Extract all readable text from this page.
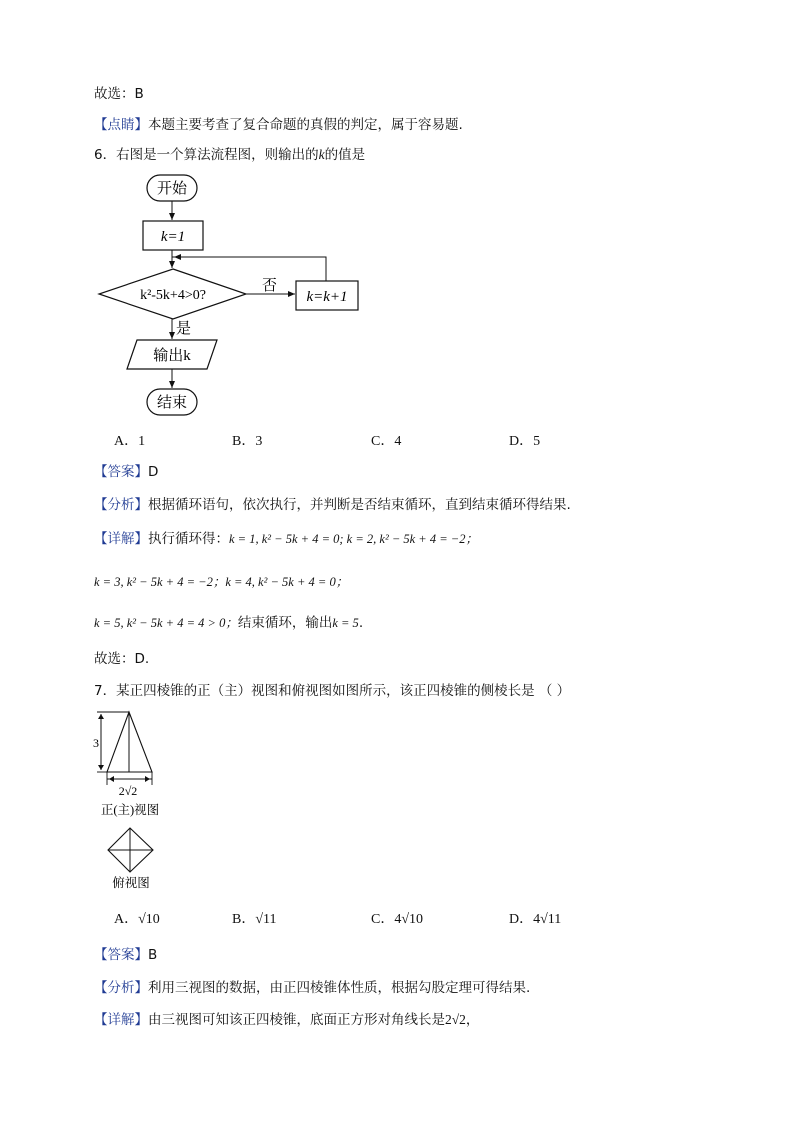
故选：B
【点睛】本题主要考查了复合命题的真假的判定，属于容易题.
6．右图是一个算法流程图，则输出的k的值是
开始
k=1
k²-5k+4>0?
否
k=k+1
是
输出k
结束
A．1	B．3	C．4	D．5
【答案】D
【分析】根据循环语句，依次执行，并判断是否结束循环，直到结束循环得结果.
【详解】执行循环得：k = 1, k² − 5k + 4 = 0; k = 2, k² − 5k + 4 = −2；
k = 3, k² − 5k + 4 = −2；k = 4, k² − 5k + 4 = 0；
k = 5, k² − 5k + 4 = 4 > 0；结束循环，输出k = 5.
故选：D.
7．某正四棱锥的正（主）视图和俯视图如图所示，该正四棱锥的侧棱长是 （ ）
3
2√2
正(主)视图
俯视图
A．√10	B．√11	C．4√10	D．4√11
【答案】B
【分析】利用三视图的数据，由正四棱锥体性质，根据勾股定理可得结果.
【详解】由三视图可知该正四棱锥，底面正方形对角线长是2√2，
